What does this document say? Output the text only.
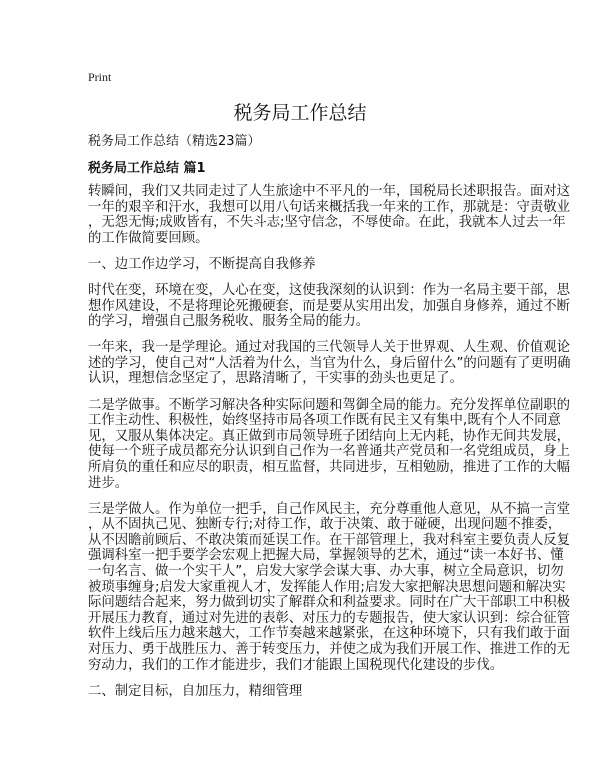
Print
税务局工作总结
税务局工作总结（精选23篇）
税务局工作总结 篇1
转瞬间，我们又共同走过了人生旅途中不平凡的一年，国税局长述职报告。面对这
一年的艰辛和汗水，我想可以用八句话来概括我一年来的工作，那就是：守责敬业
，无怨无悔;成败皆有，不失斗志;坚守信念，不辱使命。在此，我就本人过去一年
的工作做简要回顾。
一、边工作边学习，不断提高自我修养
时代在变，环境在变，人心在变，这使我深刻的认识到：作为一名局主要干部，思
想作风建设，不是将理论死搬硬套，而是要从实用出发，加强自身修养，通过不断
的学习，增强自己服务税收、服务全局的能力。
一年来，我一是学理论。通过对我国的三代领导人关于世界观、人生观、价值观论
述的学习，使自己对“人活着为什么，当官为什么，身后留什么”的问题有了更明确
认识，理想信念坚定了，思路清晰了，干实事的劲头也更足了。
二是学做事。不断学习解决各种实际问题和驾御全局的能力。充分发挥单位副职的
工作主动性、积极性，始终坚持市局各项工作既有民主又有集中,既有个人不同意
见，又服从集体决定。真正做到市局领导班子团结向上无内耗，协作无间共发展，
使每一个班子成员都充分认识到自己作为一名普通共产党员和一名党组成员，身上
所肩负的重任和应尽的职责，相互监督，共同进步，互相勉励，推进了工作的大幅
进步。
三是学做人。作为单位一把手，自己作风民主，充分尊重他人意见，从不搞一言堂
，从不固执己见、独断专行;对待工作，敢于决策、敢于碰硬，出现问题不推委，
从不因瞻前顾后、不敢决策而延误工作。在干部管理上，我对科室主要负责人反复
强调科室一把手要学会宏观上把握大局，掌握领导的艺术，通过“读一本好书、懂
一句名言、做一个实干人”，启发大家学会谋大事、办大事，树立全局意识，切勿
被琐事缠身;启发大家重视人才，发挥能人作用;启发大家把解决思想问题和解决实
际问题结合起来，努力做到切实了解群众和利益要求。同时在广大干部职工中积极
开展压力教育，通过对先进的表彰、对压力的专题报告，使大家认识到：综合征管
软件上线后压力越来越大，工作节奏越来越紧张，在这种环境下，只有我们敢于面
对压力、勇于战胜压力、善于转变压力，并使之成为我们开展工作、推进工作的无
穷动力，我们的工作才能进步，我们才能跟上国税现代化建设的步伐。
二、制定目标，自加压力，精细管理
